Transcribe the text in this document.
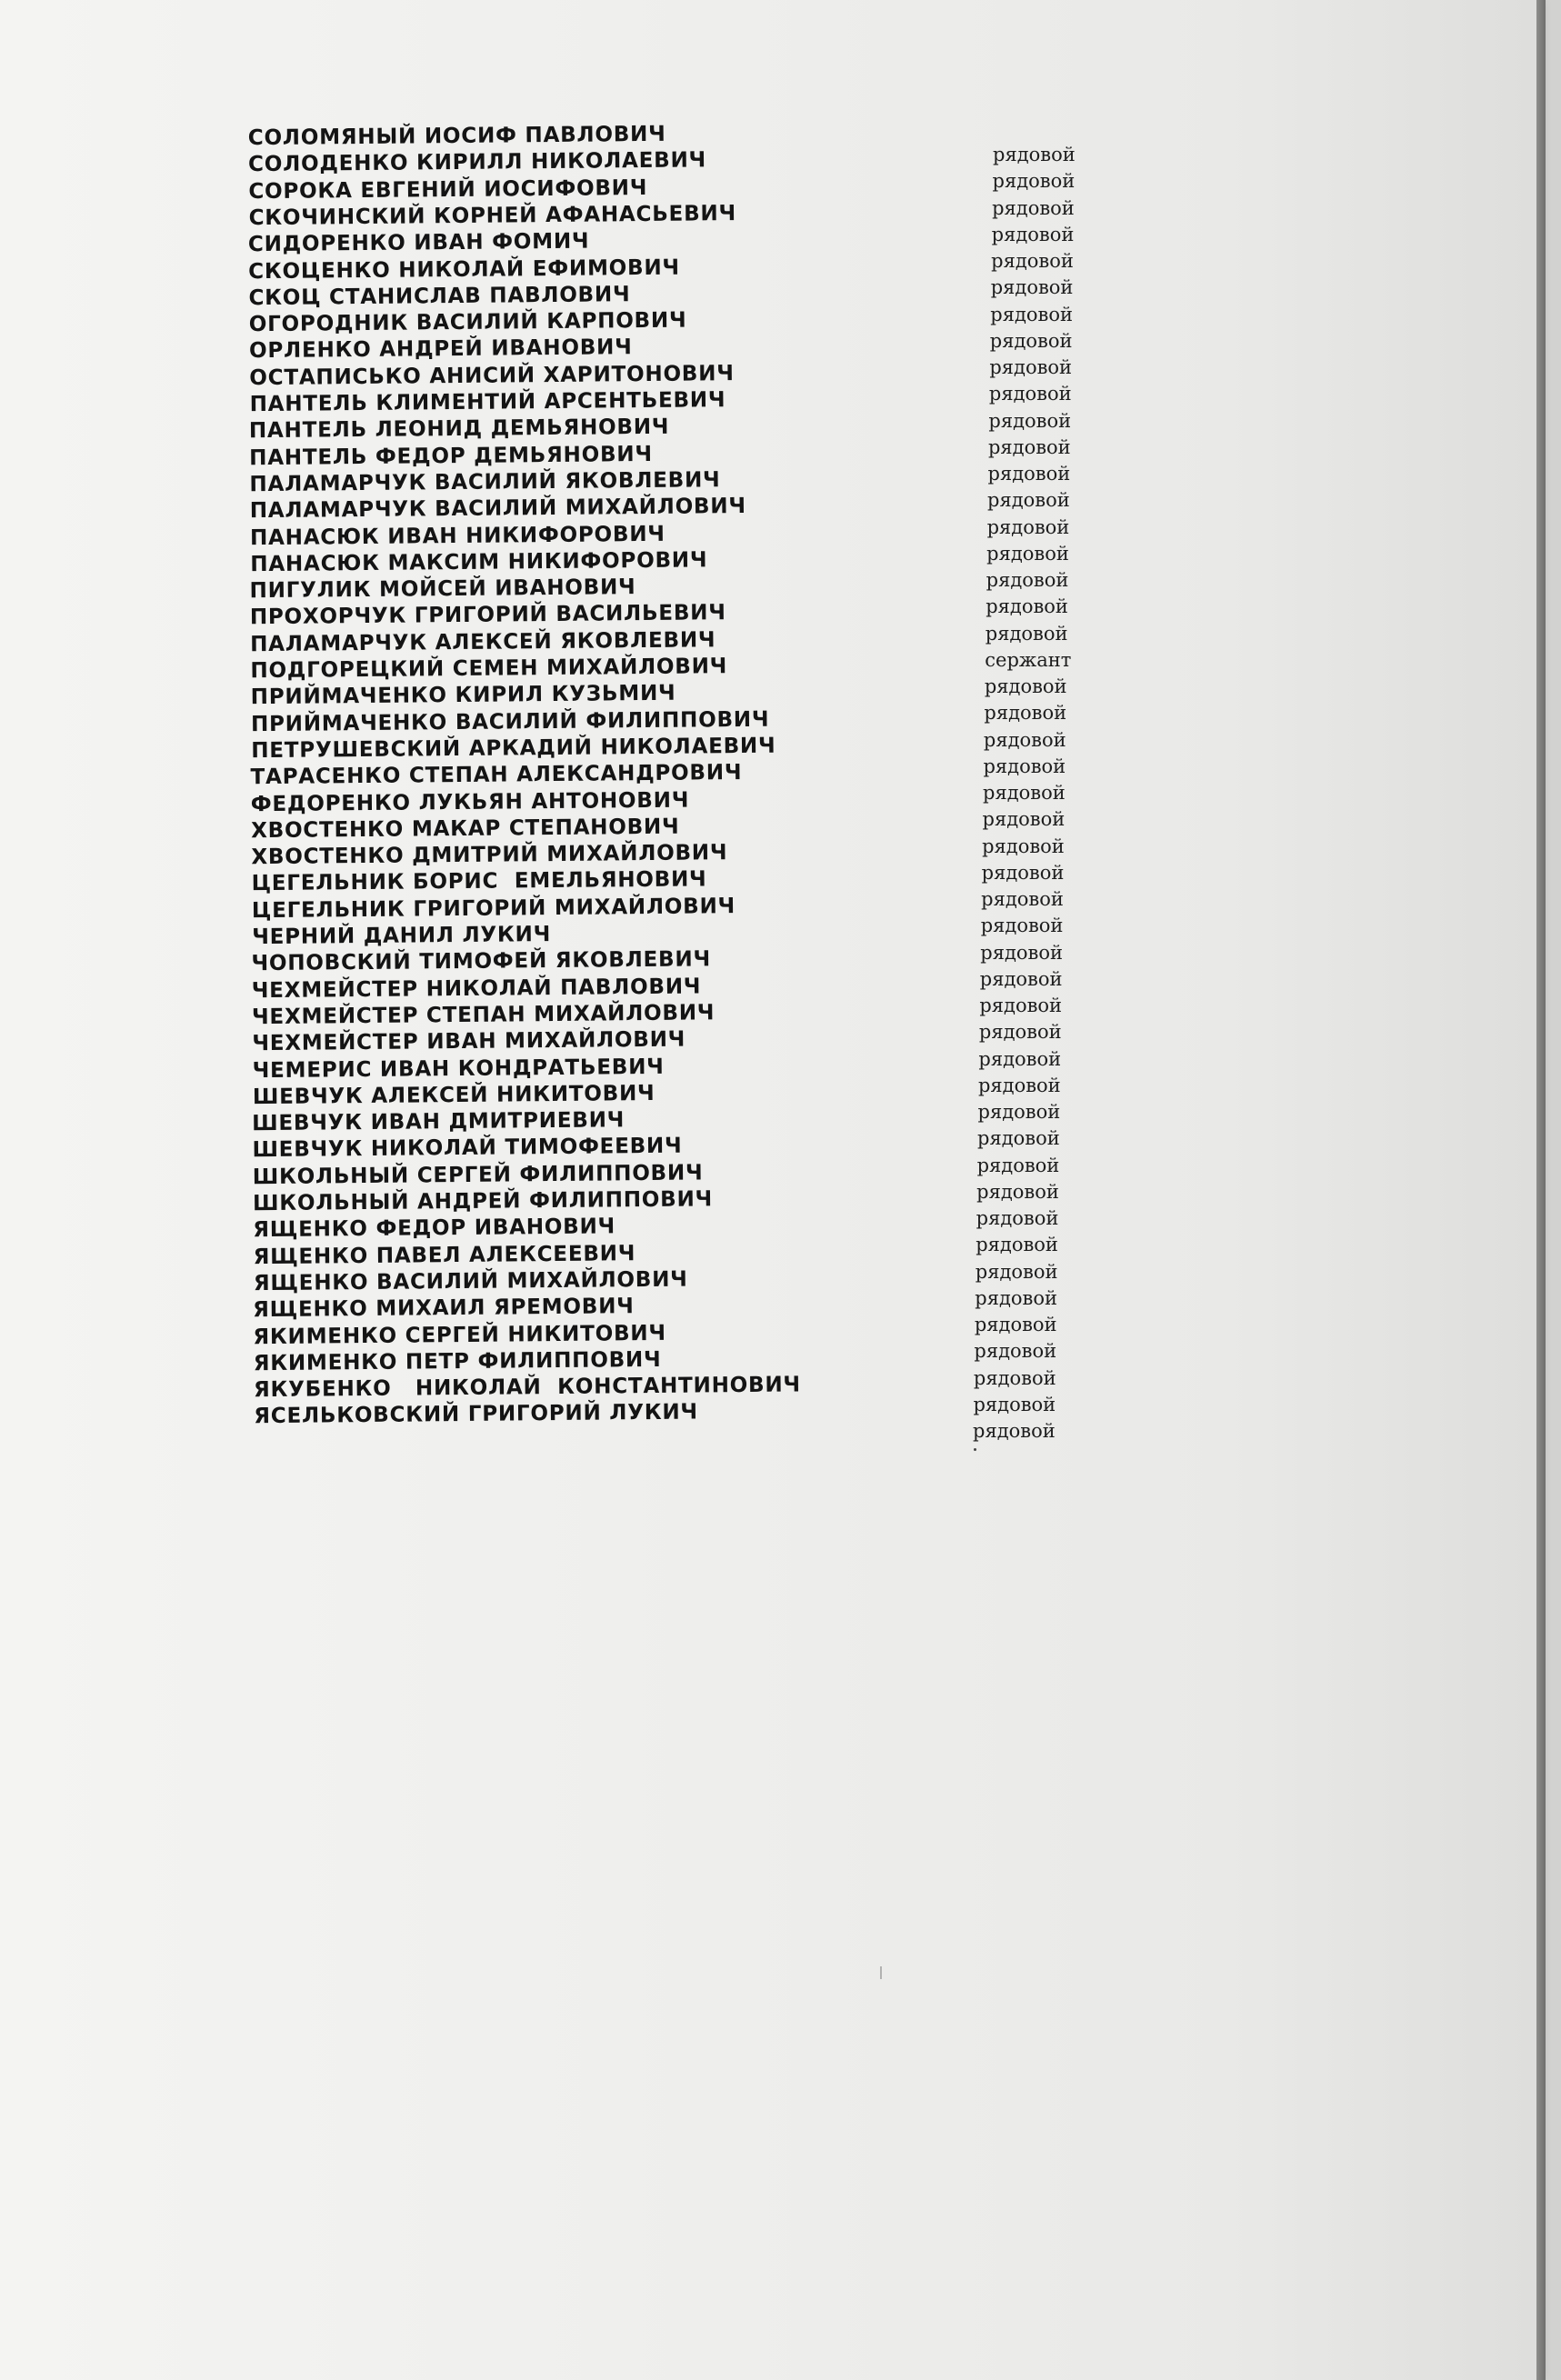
СОЛОМЯНЫЙ ИОСИФ ПАВЛОВИЧ
СОЛОДЕНКО КИРИЛЛ НИКОЛАЕВИЧ
СОРОКА ЕВГЕНИЙ ИОСИФОВИЧ
СКОЧИНСКИЙ КОРНЕЙ АФАНАСЬЕВИЧ
СИДОРЕНКО ИВАН ФОМИЧ
СКОЦЕНКО НИКОЛАЙ ЕФИМОВИЧ
СКОЦ СТАНИСЛАВ ПАВЛОВИЧ
ОГОРОДНИК ВАСИЛИЙ КАРПОВИЧ
ОРЛЕНКО АНДРЕЙ ИВАНОВИЧ
ОСТАПИСЬКО АНИСИЙ ХАРИТОНОВИЧ
ПАНТЕЛЬ КЛИМЕНТИЙ АРСЕНТЬЕВИЧ
ПАНТЕЛЬ ЛЕОНИД ДЕМЬЯНОВИЧ
ПАНТЕЛЬ ФЕДОР ДЕМЬЯНОВИЧ
ПАЛАМАРЧУК ВАСИЛИЙ ЯКОВЛЕВИЧ
ПАЛАМАРЧУК ВАСИЛИЙ МИХАЙЛОВИЧ
ПАНАСЮК ИВАН НИКИФОРОВИЧ
ПАНАСЮК МАКСИМ НИКИФОРОВИЧ
ПИГУЛИК МОЙСЕЙ ИВАНОВИЧ
ПРОХОРЧУК ГРИГОРИЙ ВАСИЛЬЕВИЧ
ПАЛАМАРЧУК АЛЕКСЕЙ ЯКОВЛЕВИЧ
ПОДГОРЕЦКИЙ СЕМЕН МИХАЙЛОВИЧ
ПРИЙМАЧЕНКО КИРИЛ КУЗЬМИЧ
ПРИЙМАЧЕНКО ВАСИЛИЙ ФИЛИППОВИЧ
ПЕТРУШЕВСКИЙ АРКАДИЙ НИКОЛАЕВИЧ
ТАРАСЕНКО СТЕПАН АЛЕКСАНДРОВИЧ
ФЕДОРЕНКО ЛУКЬЯН АНТОНОВИЧ
ХВОСТЕНКО МАКАР СТЕПАНОВИЧ
ХВОСТЕНКО ДМИТРИЙ МИХАЙЛОВИЧ
ЦЕГЕЛЬНИК БОРИС  ЕМЕЛЬЯНОВИЧ
ЦЕГЕЛЬНИК ГРИГОРИЙ МИХАЙЛОВИЧ
ЧЕРНИЙ ДАНИЛ ЛУКИЧ
ЧОПОВСКИЙ ТИМОФЕЙ ЯКОВЛЕВИЧ
ЧЕХМЕЙСТЕР НИКОЛАЙ ПАВЛОВИЧ
ЧЕХМЕЙСТЕР СТЕПАН МИХАЙЛОВИЧ
ЧЕХМЕЙСТЕР ИВАН МИХАЙЛОВИЧ
ЧЕМЕРИС ИВАН КОНДРАТЬЕВИЧ
ШЕВЧУК АЛЕКСЕЙ НИКИТОВИЧ
ШЕВЧУК ИВАН ДМИТРИЕВИЧ
ШЕВЧУК НИКОЛАЙ ТИМОФЕЕВИЧ
ШКОЛЬНЫЙ СЕРГЕЙ ФИЛИППОВИЧ
ШКОЛЬНЫЙ АНДРЕЙ ФИЛИППОВИЧ
ЯЩЕНКО ФЕДОР ИВАНОВИЧ
ЯЩЕНКО ПАВЕЛ АЛЕКСЕЕВИЧ
ЯЩЕНКО ВАСИЛИЙ МИХАЙЛОВИЧ
ЯЩЕНКО МИХАИЛ ЯРЕМОВИЧ
ЯКИМЕНКО СЕРГЕЙ НИКИТОВИЧ
ЯКИМЕНКО ПЕТР ФИЛИППОВИЧ
ЯКУБЕНКО   НИКОЛАЙ  КОНСТАНТИНОВИЧ
ЯСЕЛЬКОВСКИЙ ГРИГОРИЙ ЛУКИЧ
рядовой
рядовой
рядовой
рядовой
рядовой
рядовой
рядовой
рядовой
рядовой
рядовой
рядовой
рядовой
рядовой
рядовой
рядовой
рядовой
рядовой
рядовой
рядовой
сержант
рядовой
рядовой
рядовой
рядовой
рядовой
рядовой
рядовой
рядовой
рядовой
рядовой
рядовой
рядовой
рядовой
рядовой
рядовой
рядовой
рядовой
рядовой
рядовой
рядовой
рядовой
рядовой
рядовой
рядовой
рядовой
рядовой
рядовой
рядовой
рядовой
